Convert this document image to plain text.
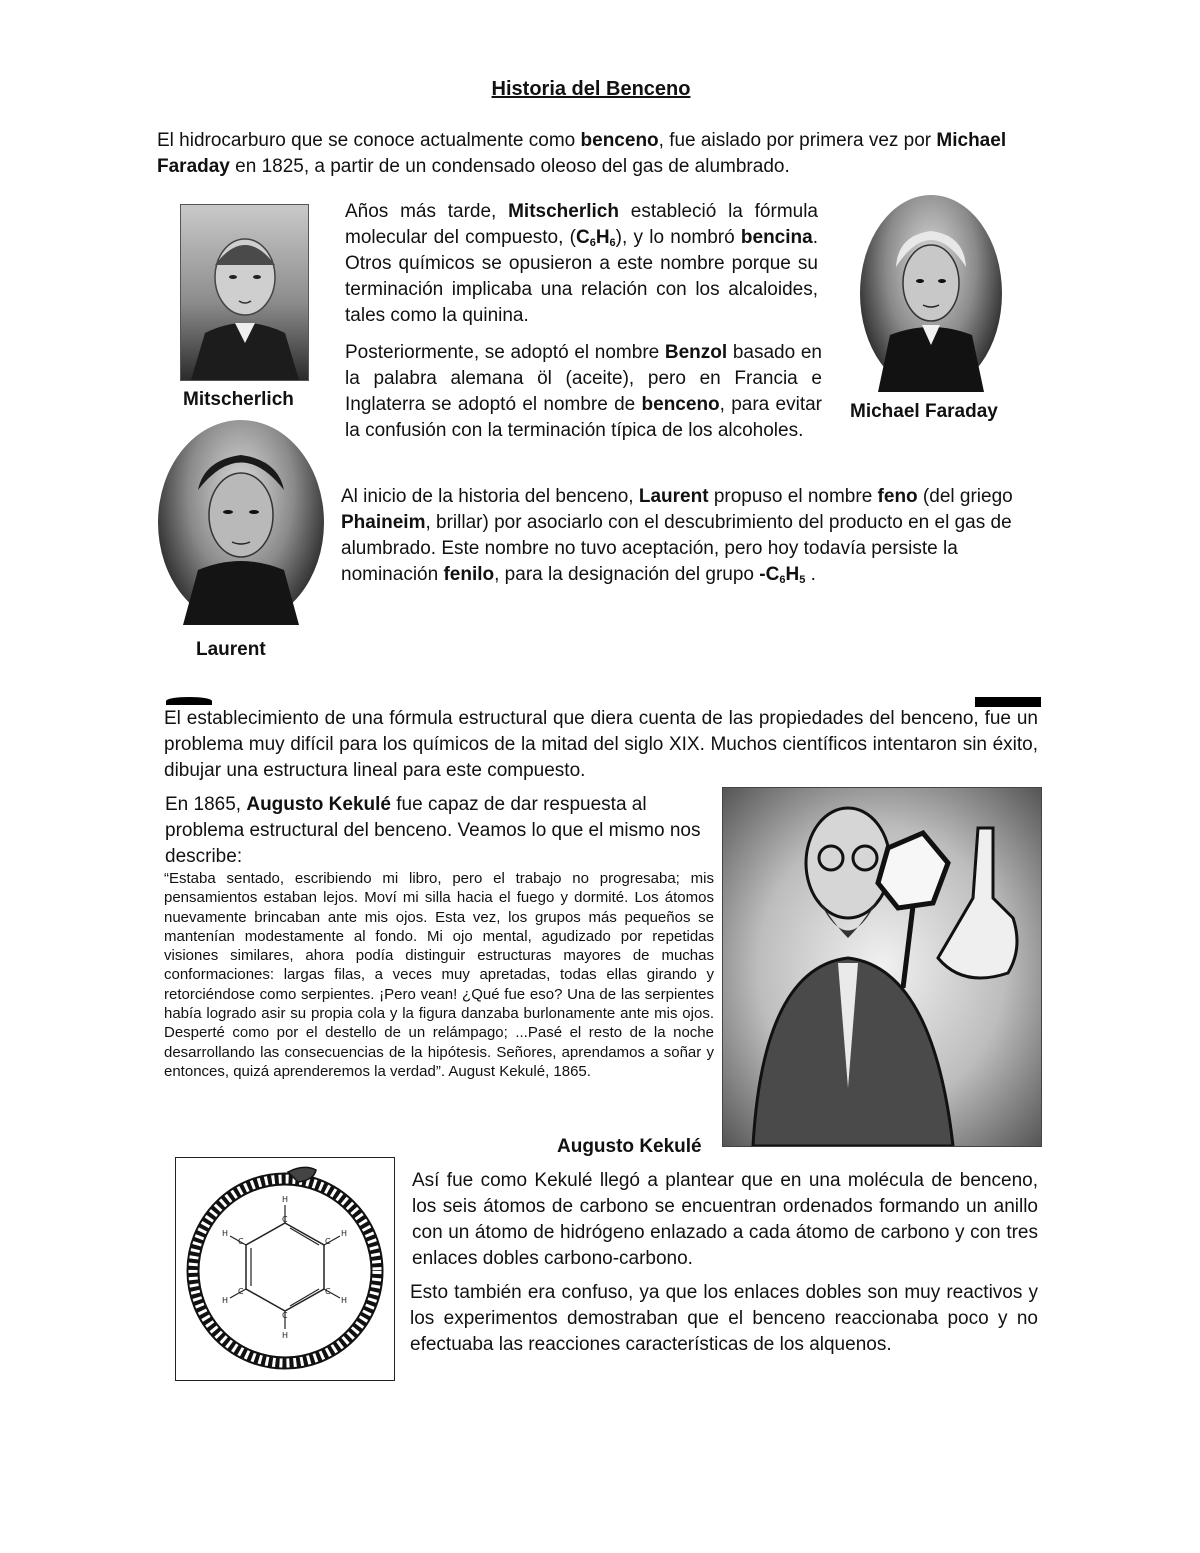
Historia del Benceno

El hidrocarburo que se conoce actualmente como benceno, fue aislado por primera vez por Michael Faraday en 1825, a partir de un condensado oleoso del gas de alumbrado.

Mitscherlich
Laurent
Michael Faraday

Años más tarde, Mitscherlich estableció la fórmula molecular del compuesto, $(C_6H_6)$, y lo nombró bencina. Otros químicos se opusieron a este nombre porque su terminación implicaba una relación con los alcaloides, tales como la quinina.

Posteriormente, se adoptó el nombre Benzol basado en la palabra alemana öl (aceite), pero en Francia e Inglaterra se adoptó el nombre de benceno, para evitar la confusión con la terminación típica de los alcoholes.

Al inicio de la historia del benceno, Laurent propuso el nombre feno (del griego Phaineim, brillar) por asociarlo con el descubrimiento del producto en el gas de alumbrado. Este nombre no tuvo aceptación, pero hoy todavía persiste la nominación fenilo, para la designación del grupo $-C_6H_5$ .

El establecimiento de una fórmula estructural que diera cuenta de las propiedades del benceno, fue un problema muy difícil para los químicos de la mitad del siglo XIX. Muchos científicos intentaron sin éxito, dibujar una estructura lineal para este compuesto.

En 1865, Augusto Kekulé fue capaz de dar respuesta al problema estructural del benceno. Veamos lo que el mismo nos describe:

“Estaba sentado, escribiendo mi libro, pero el trabajo no progresaba; mis pensamientos estaban lejos. Moví mi silla hacia el fuego y dormité. Los átomos nuevamente brincaban ante mis ojos. Esta vez, los grupos más pequeños se mantenían modestamente al fondo. Mi ojo mental, agudizado por repetidas visiones similares, ahora podía distinguir estructuras mayores de muchas conformaciones: largas filas, a veces muy apretadas, todas ellas girando y retorciéndose como serpientes. ¡Pero vean! ¿Qué fue eso? Una de las serpientes había logrado asir su propia cola y la figura danzaba burlonamente ante mis ojos. Desperté como por el destello de un relámpago; ...Pasé el resto de la noche desarrollando las consecuencias de la hipótesis. Señores, aprendamos a soñar y entonces, quizá aprenderemos la verdad”. August Kekulé, 1865.

Augusto Kekulé
C
C
C
C
C
C
H
H
H
H
H
H

Así fue como Kekulé llegó a plantear que en una molécula de benceno, los seis átomos de carbono se encuentran ordenados formando un anillo con un átomo de hidrógeno enlazado a cada átomo de carbono y con tres enlaces dobles carbono-carbono.

Esto también era confuso, ya que los enlaces dobles son muy reactivos y los experimentos demostraban que el benceno reaccionaba poco y no efectuaba las reacciones características de los alquenos.
